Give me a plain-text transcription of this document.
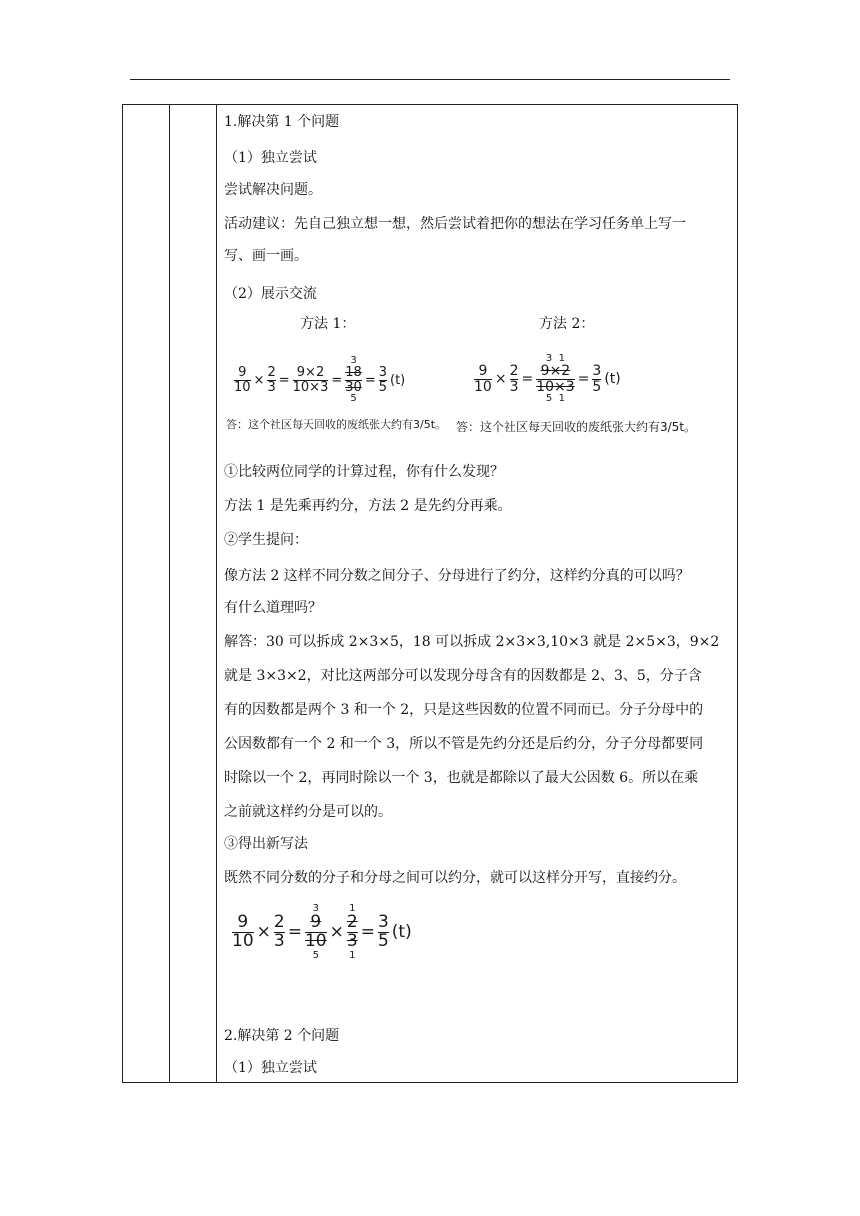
1.解决第 1 个问题
（1）独立尝试
尝试解决问题。
活动建议：先自己独立想一想，然后尝试着把你的想法在学习任务单上写一
写、画一画。
（2）展示交流
方法 1：	方法 2：
$\frac{9}{10} \times \frac{2}{3} = \frac{9\times 2}{10\times 3}$ =
3
$\frac{18}{30}$
5
= $\frac{3}{5} (t)$
答：这个社区每天回收的废纸张大约有3/5t。
$\frac{9}{10} \times \frac{2}{3}$ =
3 1
$\frac{9\times 2}{10\times 3}$
5 1
= $\frac{3}{5} (t)$
答：这个社区每天回收的废纸张大约有3/5t。
①比较两位同学的计算过程，你有什么发现？
方法 1 是先乘再约分，方法 2 是先约分再乘。
②学生提问：
像方法 2 这样不同分数之间分子、分母进行了约分，这样约分真的可以吗？
有什么道理吗？
解答：30 可以拆成 2×3×5，18 可以拆成 2×3×3,10×3 就是 2×5×3，9×2
就是 3×3×2，对比这两部分可以发现分母含有的因数都是 2、3、5，分子含
有的因数都是两个 3 和一个 2，只是这些因数的位置不同而已。分子分母中的
公因数都有一个 2 和一个 3，所以不管是先约分还是后约分，分子分母都要同
时除以一个 2，再同时除以一个 3，也就是都除以了最大公因数 6。所以在乘
之前就这样约分是可以的。
③得出新写法
既然不同分数的分子和分母之间可以约分，就可以这样分开写，直接约分。
$\frac{9}{10} \times \frac{2}{3}$ =
3
$\frac{9}{10}$
5
×
1
$\frac{2}{3}$
1
= $\frac{3}{5} (t)$
2.解决第 2 个问题
（1）独立尝试
